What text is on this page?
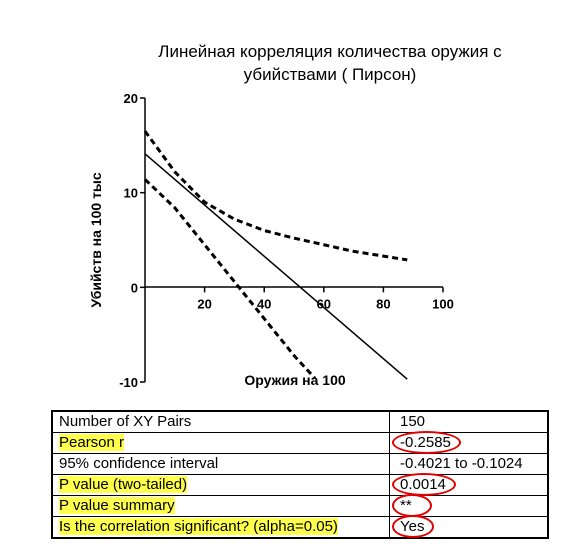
Линейная корреляция количества оружия с
убийствами ( Пирсон)
20	40	60	80	100
-10
0
10
20
Оружия на 100
Убийств на 100 тыс
Number of XY Pairs	150
Pearson r	-0.2585
95% confidence interval	-0.4021 to -0.1024
P value (two-tailed)	0.0014
P value summary	**
Is the correlation significant? (alpha=0.05)	Yes
